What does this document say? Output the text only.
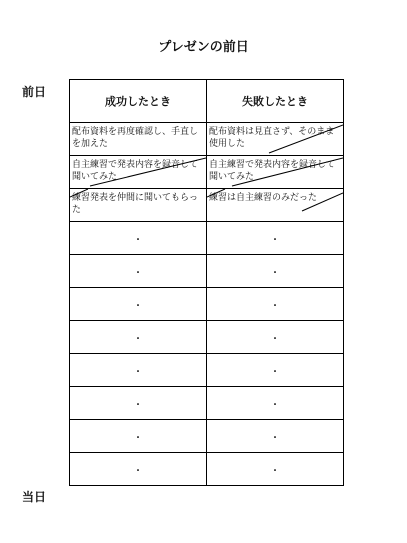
プレゼンの前日
前日
当日
成功したとき	失敗したとき

配布資料を再度確認し、手直しを加えた	配布資料は見直さず、そのまま使用した

自主練習で発表内容を録音して聞いてみた	自主練習で発表内容を録音して聞いてみた

練習発表を仲間に聞いてもらった	練習は自主練習のみだった

・	・

・	・

・	・

・	・

・	・

・	・

・	・

・	・
